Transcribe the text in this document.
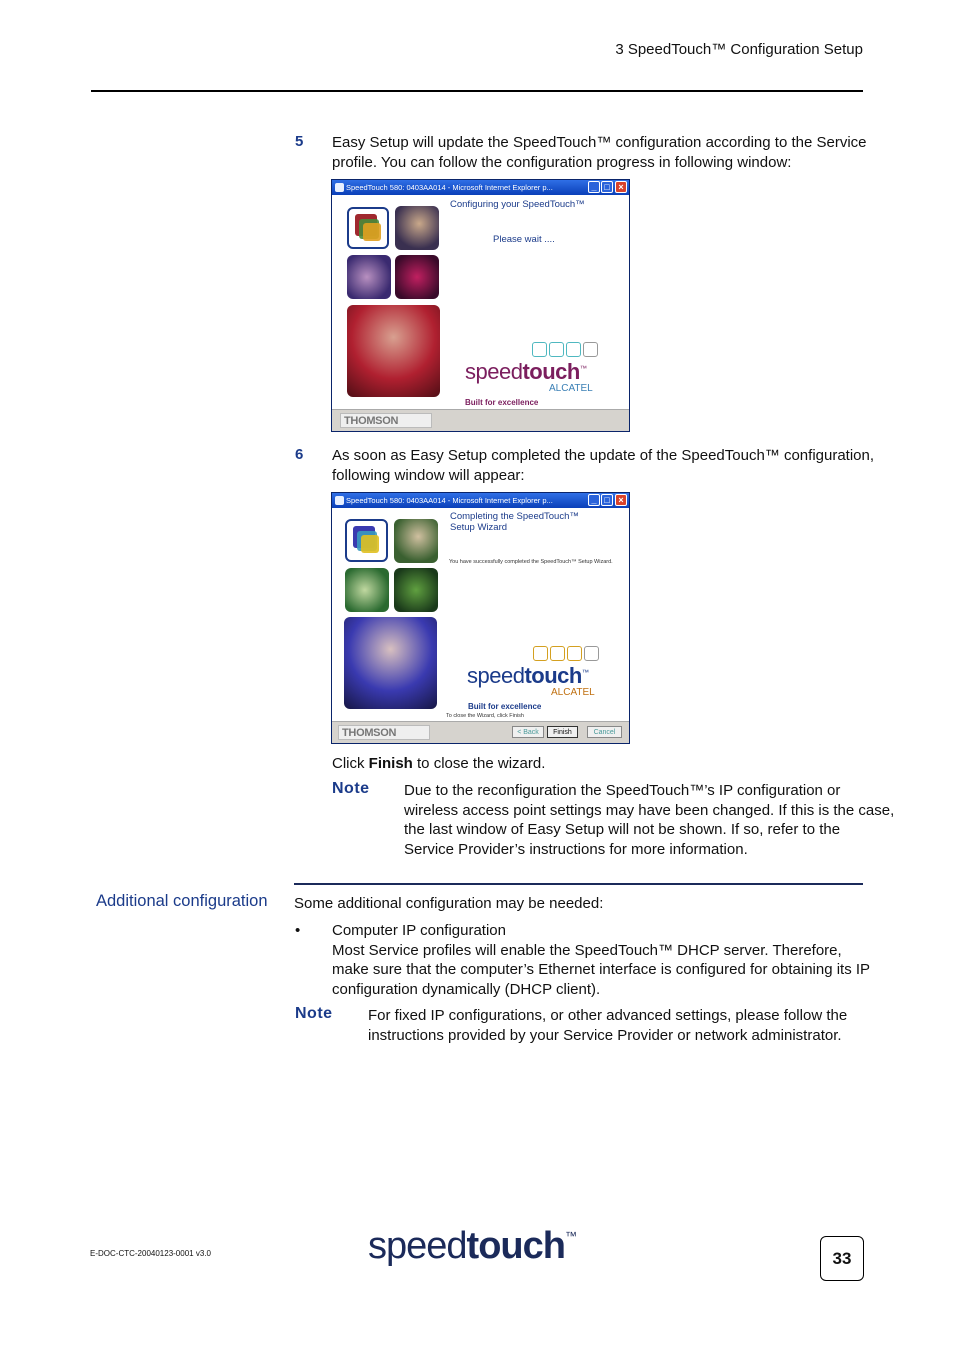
3 SpeedTouch™ Configuration Setup
5 Easy Setup will update the SpeedTouch™ configuration according to the Service
profile. You can follow the configuration progress in following window:
SpeedTouch 580: 0403AA014 - Microsoft Internet Explorer p...	_ □ ×
Configuring your SpeedTouch™
Please wait ....
speedtouch™
ALCATEL
Built for excellence
THOMSON
6 As soon as Easy Setup completed the update of the SpeedTouch™ configuration,
following window will appear:
SpeedTouch 580: 0403AA014 - Microsoft Internet Explorer p...	_ □ ×
Completing the SpeedTouch™
Setup Wizard
You have successfully completed the SpeedTouch™ Setup Wizard.
speedtouch™
ALCATEL
Built for excellence
To close the Wizard, click Finish
THOMSON	< Back	Finish	Cancel
Click Finish to close the wizard.
Note Due to the reconfiguration the SpeedTouch™’s IP configuration or
wireless access point settings may have been changed. If this is the case,
the last window of Easy Setup will not be shown. If so, refer to the
Service Provider’s instructions for more information.
Additional configuration Some additional configuration may be needed:
• Computer IP configuration
Most Service profiles will enable the SpeedTouch™ DHCP server. Therefore,
make sure that the computer’s Ethernet interface is configured for obtaining its IP
configuration dynamically (DHCP client).
Note For fixed IP configurations, or other advanced settings, please follow the
instructions provided by your Service Provider or network administrator.
E-DOC-CTC-20040123-0001 v3.0	speedtouch™
33
